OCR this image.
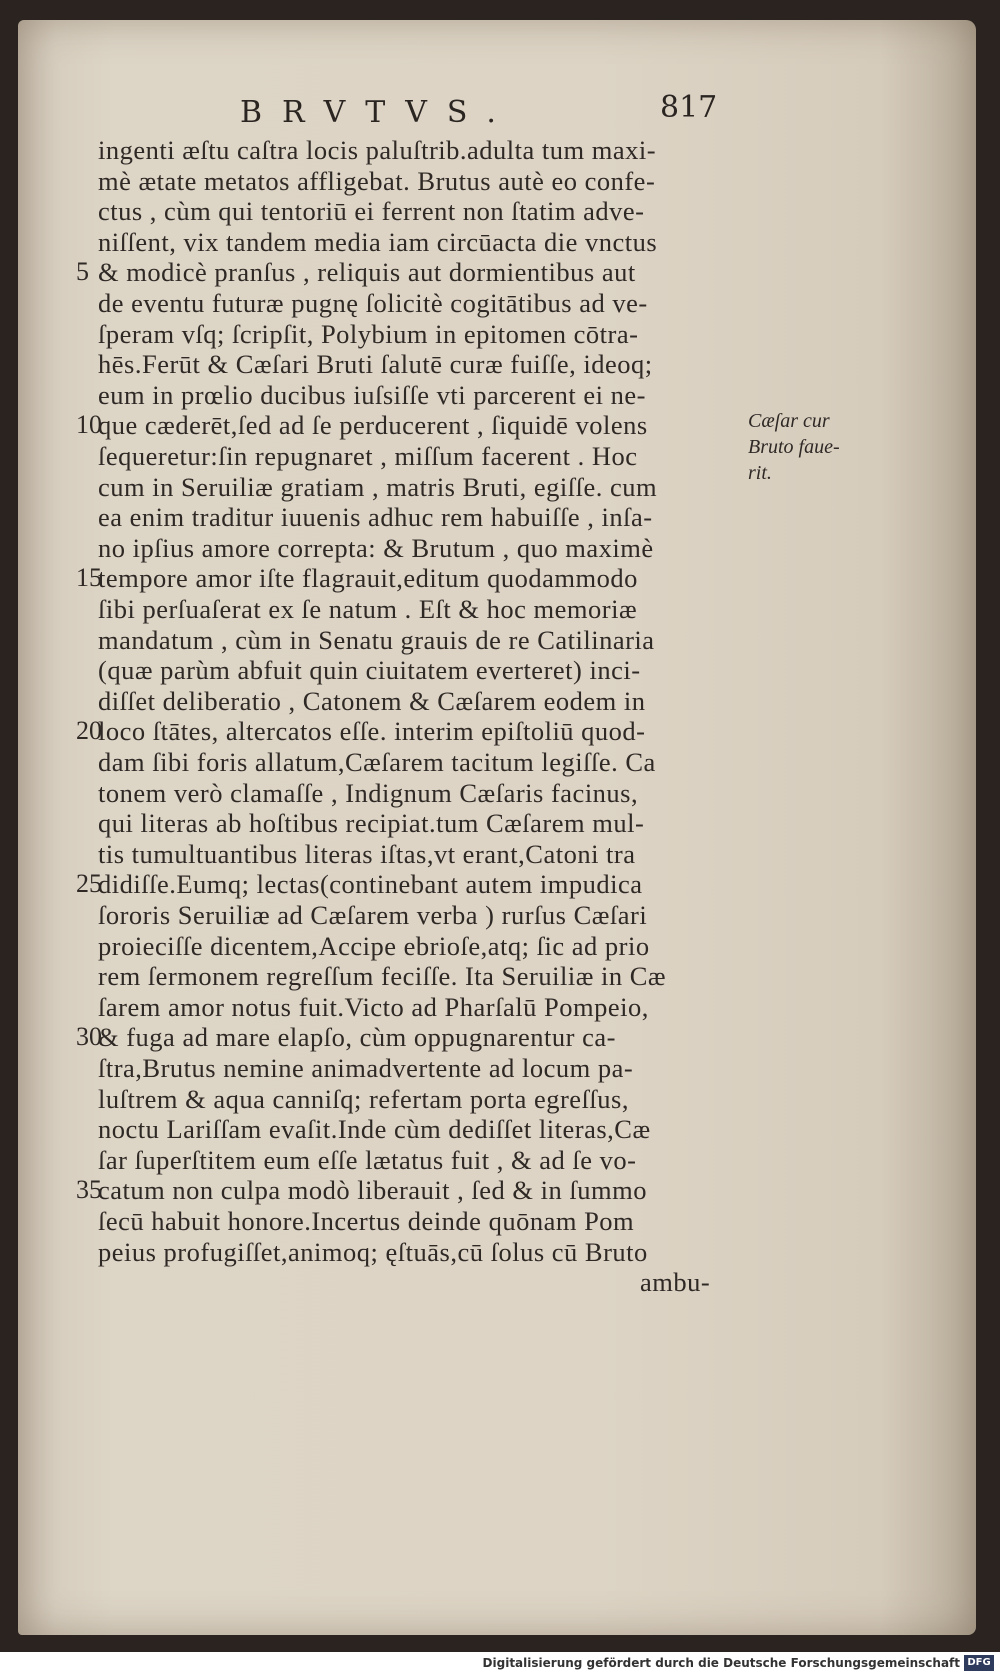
BRVTVS.	817
ingenti æſtu caſtra locis paluſtrib.adulta tum maxi-
mè ætate metatos affligebat. Brutus autè eo confe-
ctus , cùm qui tentoriū ei ferrent non ſtatim adve-
niſſent, vix tandem media iam circūacta die vnctus
& modicè pranſus , reliquis aut dormientibus aut
de eventu futuræ pugnę ſolicitè cogitātibus ad ve-
ſperam vſq; ſcripſit, Polybium in epitomen cōtra-
hēs.Ferūt & Cæſari Bruti ſalutē curæ fuiſſe, ideoq;
eum in prœlio ducibus iuſsiſſe vti parcerent ei ne-
que cæderēt,ſed ad ſe perducerent , ſiquidē volens
ſequeretur:ſin repugnaret , miſſum facerent . Hoc
cum in Seruiliæ gratiam , matris Bruti, egiſſe. cum
ea enim traditur iuuenis adhuc rem habuiſſe , inſa-
no ipſius amore correpta: & Brutum , quo maximè
tempore amor iſte flagrauit,editum quodammodo
ſibi perſuaſerat ex ſe natum . Eſt & hoc memoriæ
mandatum , cùm in Senatu grauis de re Catilinaria
(quæ parùm abfuit quin ciuitatem everteret) inci-
diſſet deliberatio , Catonem & Cæſarem eodem in
loco ſtātes, altercatos eſſe. interim epiſtoliū quod-
dam ſibi foris allatum,Cæſarem tacitum legiſſe. Ca
tonem verò clamaſſe , Indignum Cæſaris facinus,
qui literas ab hoſtibus recipiat.tum Cæſarem mul-
tis tumultuantibus literas iſtas,vt erant,Catoni tra
didiſſe.Eumq; lectas(continebant autem impudica
ſororis Seruiliæ ad Cæſarem verba ) rurſus Cæſari
proieciſſe dicentem,Accipe ebrioſe,atq; ſic ad prio
rem ſermonem regreſſum feciſſe. Ita Seruiliæ in Cæ
ſarem amor notus fuit.Victo ad Pharſalū Pompeio,
& fuga ad mare elapſo, cùm oppugnarentur ca-
ſtra,Brutus nemine animadvertente ad locum pa-
luſtrem & aqua canniſq; refertam porta egreſſus,
noctu Lariſſam evaſit.Inde cùm dediſſet literas,Cæ
ſar ſuperſtitem eum eſſe lætatus fuit , & ad ſe vo-
catum non culpa modò liberauit , ſed & in ſummo
ſecū habuit honore.Incertus deinde quōnam Pom
peius profugiſſet,animoq; ęſtuās,cū ſolus cū Bruto
5
10
15
20
25
30
35
Cæſar cur
Bruto faue-
rit.
ambu-
Digitalisierung gefördert durch die Deutsche Forschungsgemeinschaft DFG
